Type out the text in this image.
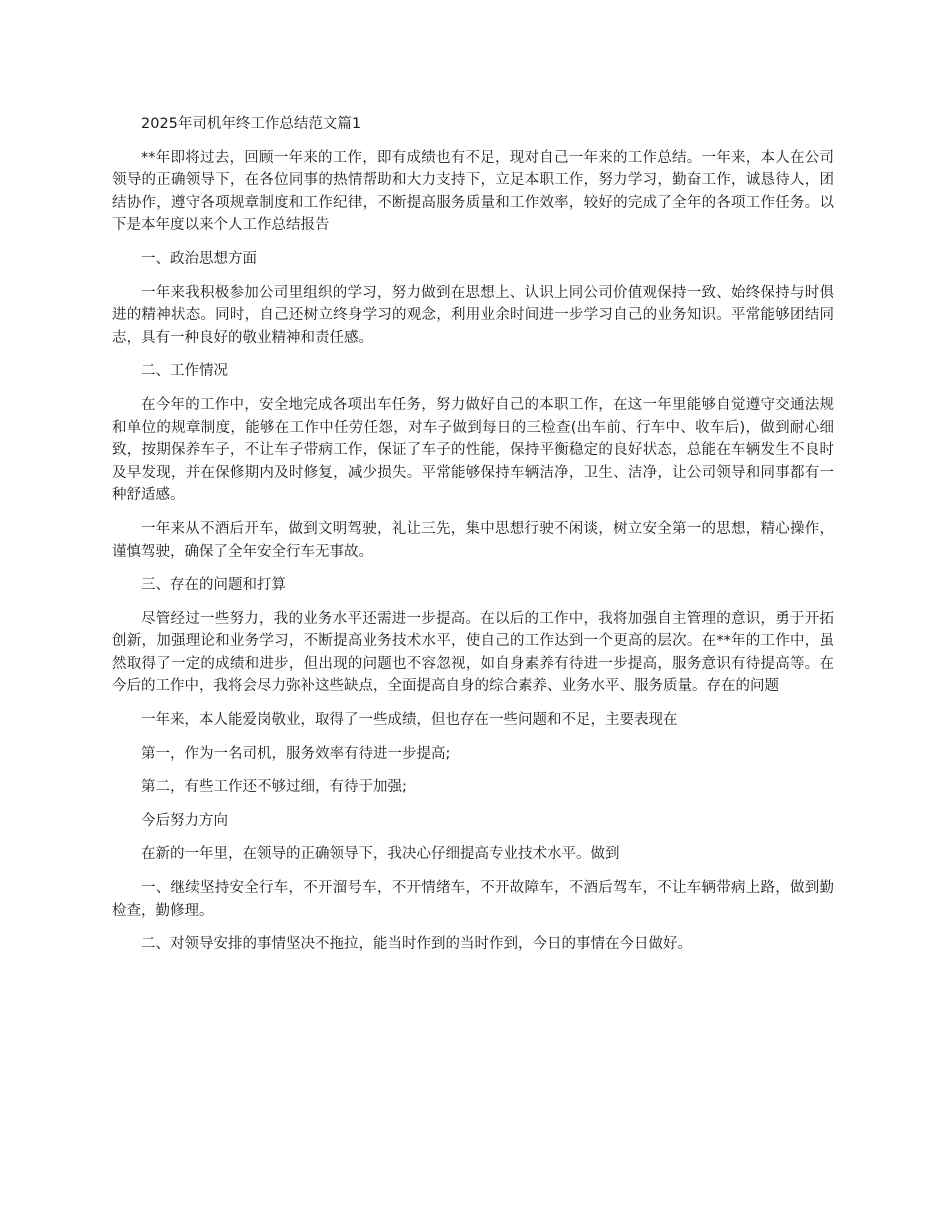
2025年司机年终工作总结范文篇1

**年即将过去，回顾一年来的工作，即有成绩也有不足，现对自己一年来的工作总结。一年来，本人在公司领导的正确领导下，在各位同事的热情帮助和大力支持下，立足本职工作，努力学习，勤奋工作，诚恳待人，团结协作，遵守各项规章制度和工作纪律，不断提高服务质量和工作效率，较好的完成了全年的各项工作任务。以下是本年度以来个人工作总结报告

一、政治思想方面

一年来我积极参加公司里组织的学习，努力做到在思想上、认识上同公司价值观保持一致、始终保持与时俱进的精神状态。同时，自己还树立终身学习的观念，利用业余时间进一步学习自己的业务知识。平常能够团结同志，具有一种良好的敬业精神和责任感。

二、工作情况

在今年的工作中，安全地完成各项出车任务，努力做好自己的本职工作，在这一年里能够自觉遵守交通法规和单位的规章制度，能够在工作中任劳任怨，对车子做到每日的三检查(出车前、行车中、收车后)，做到耐心细致，按期保养车子，不让车子带病工作，保证了车子的性能，保持平衡稳定的良好状态，总能在车辆发生不良时及早发现，并在保修期内及时修复，减少损失。平常能够保持车辆洁净，卫生、洁净，让公司领导和同事都有一种舒适感。

一年来从不酒后开车，做到文明驾驶，礼让三先，集中思想行驶不闲谈，树立安全第一的思想，精心操作，谨慎驾驶，确保了全年安全行车无事故。

三、存在的问题和打算

尽管经过一些努力，我的业务水平还需进一步提高。在以后的工作中，我将加强自主管理的意识，勇于开拓创新，加强理论和业务学习，不断提高业务技术水平，使自己的工作达到一个更高的层次。在**年的工作中，虽然取得了一定的成绩和进步，但出现的问题也不容忽视，如自身素养有待进一步提高，服务意识有待提高等。在今后的工作中，我将会尽力弥补这些缺点，全面提高自身的综合素养、业务水平、服务质量。存在的问题

一年来，本人能爱岗敬业，取得了一些成绩，但也存在一些问题和不足，主要表现在

第一，作为一名司机，服务效率有待进一步提高;

第二，有些工作还不够过细，有待于加强;

今后努力方向

在新的一年里，在领导的正确领导下，我决心仔细提高专业技术水平。做到

一、继续坚持安全行车，不开溜号车，不开情绪车，不开故障车，不酒后驾车，不让车辆带病上路，做到勤检查，勤修理。

二、对领导安排的事情坚决不拖拉，能当时作到的当时作到，今日的事情在今日做好。
